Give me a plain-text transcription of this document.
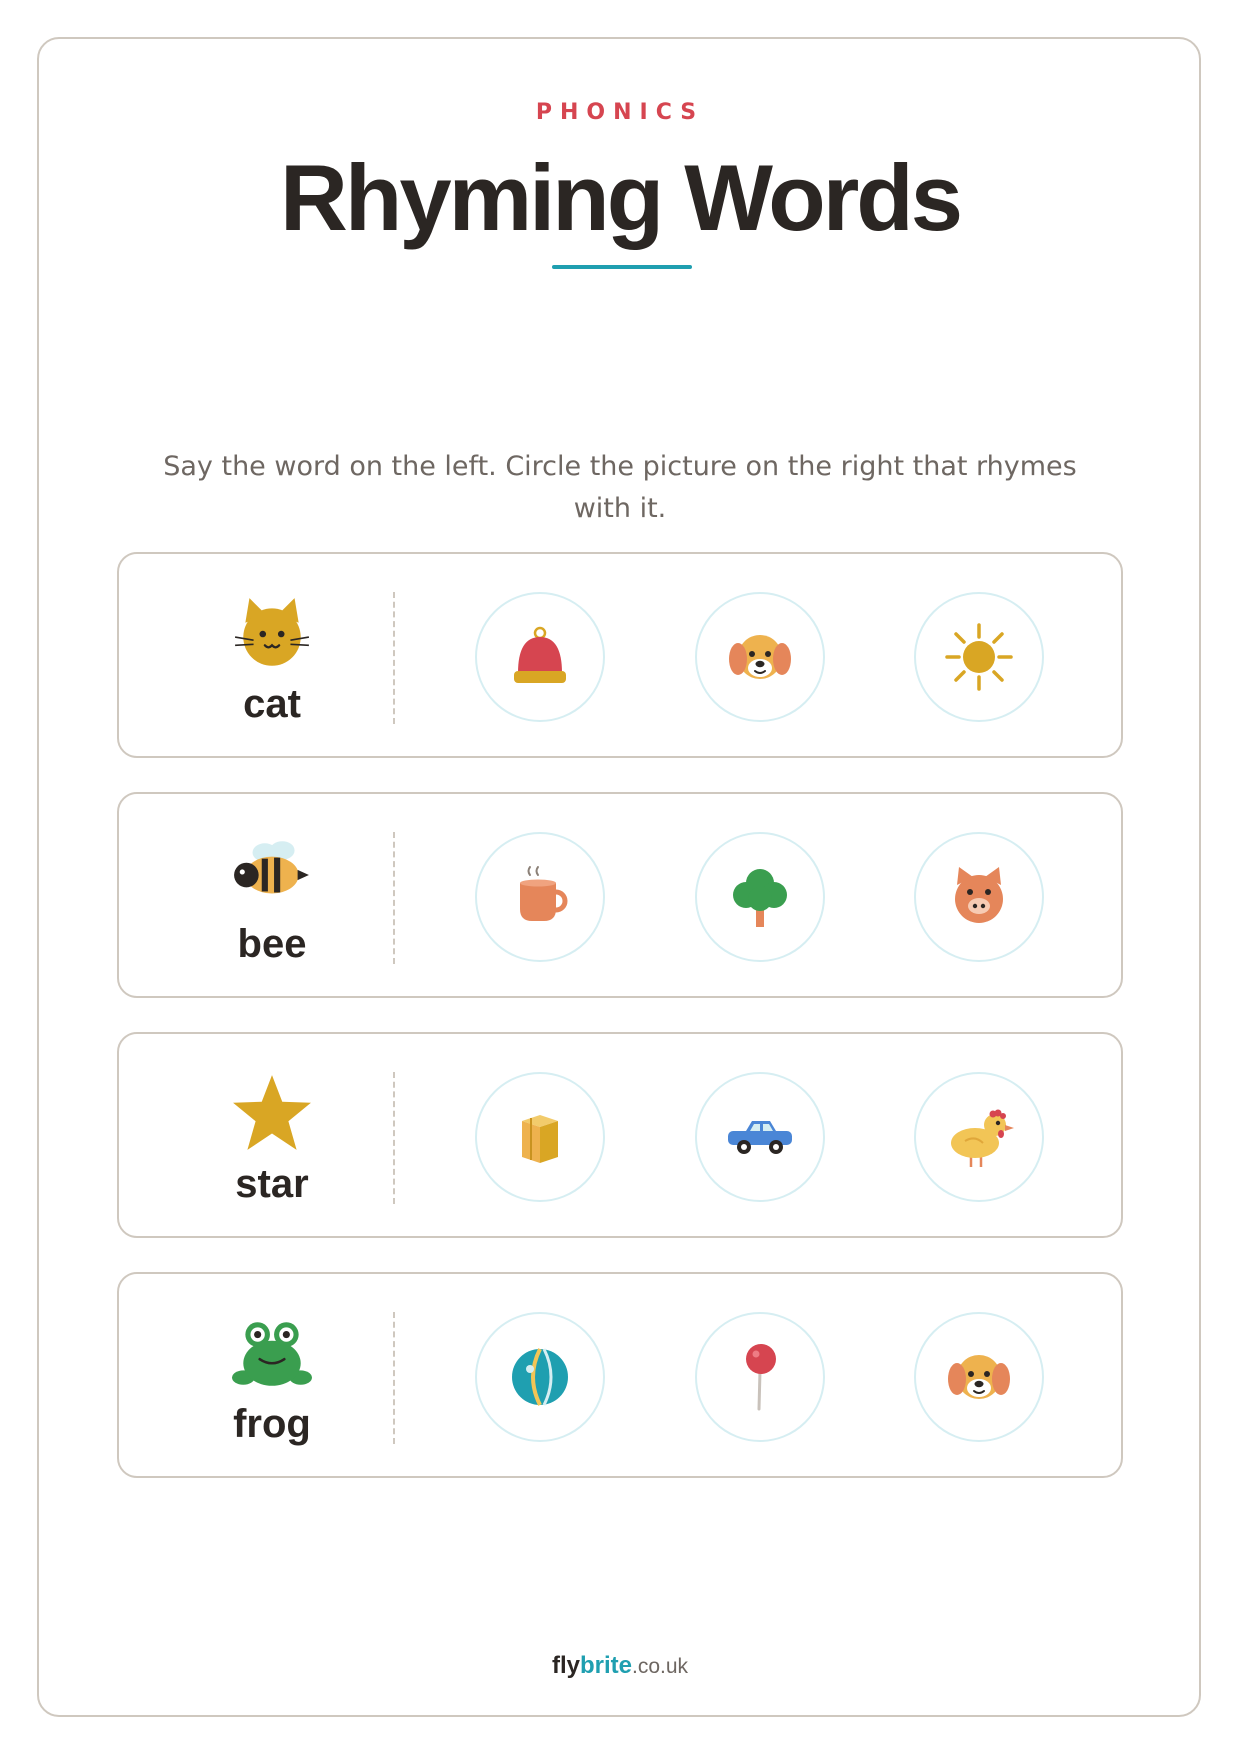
PHONICS
Rhyming Words
Say the word on the left. Circle the picture on the right that rhymes with it.
cat
bee
star
frog
flybrite.co.uk
